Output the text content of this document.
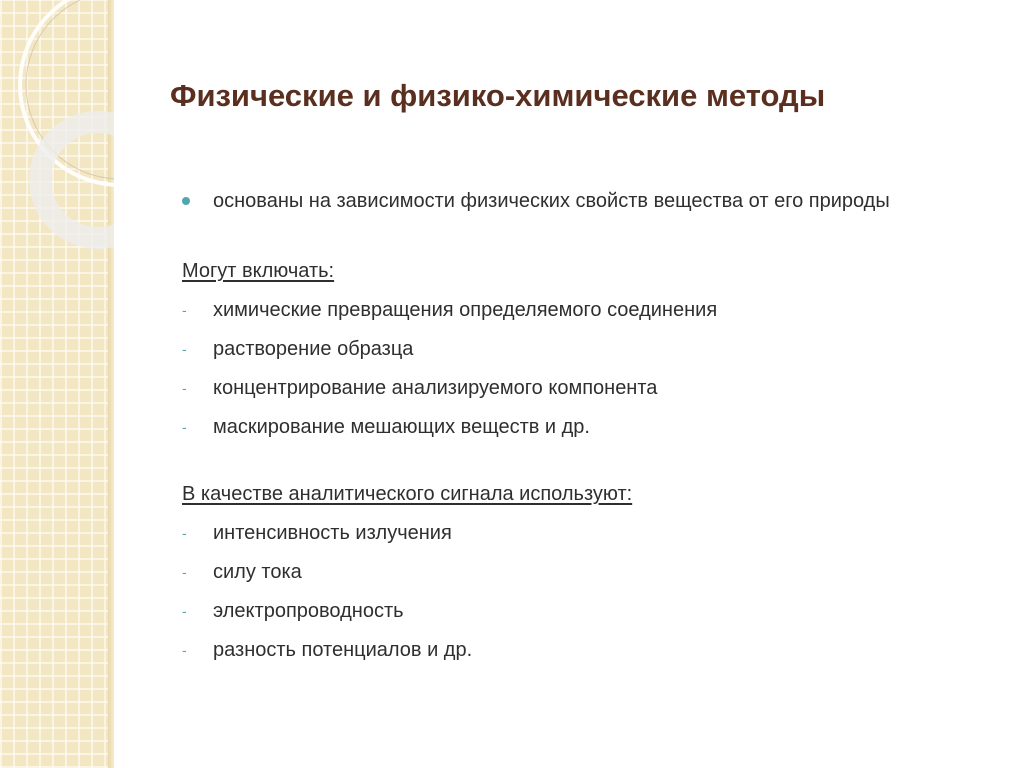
Физические и физико-химические методы
основаны на зависимости физических свойств вещества от его природы
Могут включать:
- химические превращения определяемого соединения
- растворение образца
- концентрирование анализируемого компонента
- маскирование мешающих веществ и др.
В качестве аналитического сигнала используют:
- интенсивность излучения
- силу тока
- электропроводность
- разность потенциалов и др.
